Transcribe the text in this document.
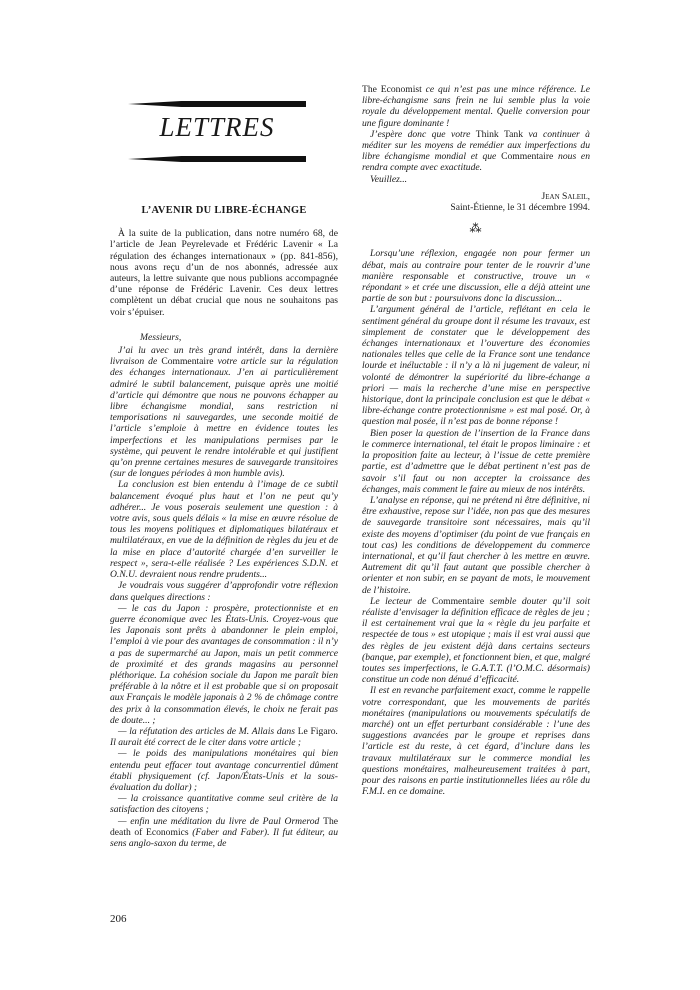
LETTRES
L’AVENIR DU LIBRE-ÉCHANGE

À la suite de la publication, dans notre numéro 68, de l’article de Jean Peyrelevade et Frédéric Lavenir « La régulation des échanges internationaux » (pp. 841-856), nous avons reçu d’un de nos abonnés, adressée aux auteurs, la lettre suivante que nous publions accompagnée d’une réponse de Frédéric Lavenir. Ces deux lettres complètent un débat crucial que nous ne souhaitons pas voir s’épuiser.

Messieurs,

J’ai lu avec un très grand intérêt, dans la dernière livraison de Commentaire votre article sur la régulation des échanges internationaux. J’en ai particulièrement admiré le subtil balancement, puisque après une moitié d’article qui démontre que nous ne pouvons échapper au libre échangisme mondial, sans restriction ni temporisations ni sauvegardes, une seconde moitié de l’article s’emploie à mettre en évidence toutes les imperfections et les manipulations permises par le système, qui peuvent le rendre intolérable et qui justifient qu’on prenne certaines mesures de sauvegarde transitoires (sur de longues périodes à mon humble avis).

La conclusion est bien entendu à l’image de ce subtil balancement évoqué plus haut et l’on ne peut qu’y adhérer... Je vous poserais seulement une question : à votre avis, sous quels délais « la mise en œuvre résolue de tous les moyens politiques et diplomatiques bilatéraux et multilatéraux, en vue de la définition de règles du jeu et de la mise en place d’autorité chargée d’en surveiller le respect », sera-t-elle réalisée ? Les expériences S.D.N. et O.N.U. devraient nous rendre prudents...

Je voudrais vous suggérer d’approfondir votre réflexion dans quelques directions :

— le cas du Japon : prospère, protectionniste et en guerre économique avec les États-Unis. Croyez-vous que les Japonais sont prêts à abandonner le plein emploi, l’emploi à vie pour des avantages de consommation : il n’y a pas de supermarché au Japon, mais un petit commerce de proximité et des grands magasins au personnel pléthorique. La cohésion sociale du Japon me paraît bien préférable à la nôtre et il est probable que si on proposait aux Français le modèle japonais à 2 % de chômage contre des prix à la consommation élevés, le choix ne ferait pas de doute... ;

— la réfutation des articles de M. Allais dans Le Figaro. Il aurait été correct de le citer dans votre article ;

— le poids des manipulations monétaires qui bien entendu peut effacer tout avantage concurrentiel dûment établi physiquement (cf. Japon/États-Unis et la sous-évaluation du dollar) ;

— la croissance quantitative comme seul critère de la satisfaction des citoyens ;

— enfin une méditation du livre de Paul Ormerod The death of Economics (Faber and Faber). Il fut éditeur, au sens anglo-saxon du terme, de

The Economist ce qui n’est pas une mince référence. Le libre-échangisme sans frein ne lui semble plus la voie royale du développement mental. Quelle conversion pour une figure dominante !

J’espère donc que votre Think Tank va continuer à méditer sur les moyens de remédier aux imperfections du libre échangisme mondial et que Commentaire nous en rendra compte avec exactitude.

Veuillez...

Jean Saleil,
Saint-Étienne, le 31 décembre 1994.
⁂

Lorsqu’une réflexion, engagée non pour fermer un débat, mais au contraire pour tenter de le rouvrir d’une manière responsable et constructive, trouve un « répondant » et crée une discussion, elle a déjà atteint une partie de son but : poursuivons donc la discussion...

L’argument général de l’article, reflétant en cela le sentiment général du groupe dont il résume les travaux, est simplement de constater que le développement des échanges internationaux et l’ouverture des économies nationales telles que celle de la France sont une tendance lourde et inéluctable : il n’y a là ni jugement de valeur, ni volonté de démontrer la supériorité du libre-échange a priori — mais la recherche d’une mise en perspective historique, dont la principale conclusion est que le débat « libre-échange contre protectionnisme » est mal posé. Or, à question mal posée, il n’est pas de bonne réponse !

Bien poser la question de l’insertion de la France dans le commerce international, tel était le propos liminaire : et la proposition faite au lecteur, à l’issue de cette première partie, est d’admettre que le débat pertinent n’est pas de savoir s’il faut ou non accepter la croissance des échanges, mais comment le faire au mieux de nos intérêts.

L’analyse en réponse, qui ne prétend ni être définitive, ni être exhaustive, repose sur l’idée, non pas que des mesures de sauvegarde transitoire sont nécessaires, mais qu’il existe des moyens d’optimiser (du point de vue français en tout cas) les conditions de développement du commerce international, et qu’il faut chercher à les mettre en œuvre. Autrement dit qu’il faut autant que possible chercher à orienter et non subir, en se payant de mots, le mouvement de l’histoire.

Le lecteur de Commentaire semble douter qu’il soit réaliste d’envisager la définition efficace de règles de jeu ; il est certainement vrai que la « règle du jeu parfaite et respectée de tous » est utopique ; mais il est vrai aussi que des règles de jeu existent déjà dans certains secteurs (banque, par exemple), et fonctionnent bien, et que, malgré toutes ses imperfections, le G.A.T.T. (l’O.M.C. désormais) constitue un code non dénué d’efficacité.

Il est en revanche parfaitement exact, comme le rappelle votre correspondant, que les mouvements de parités monétaires (manipulations ou mouvements spéculatifs de marché) ont un effet perturbant considérable : l’une des suggestions avancées par le groupe et reprises dans l’article est du reste, à cet égard, d’inclure dans les travaux multilatéraux sur le commerce mondial les questions monétaires, malheureusement traitées à part, pour des raisons en partie institutionnelles liées au rôle du F.M.I. en ce domaine.

206
